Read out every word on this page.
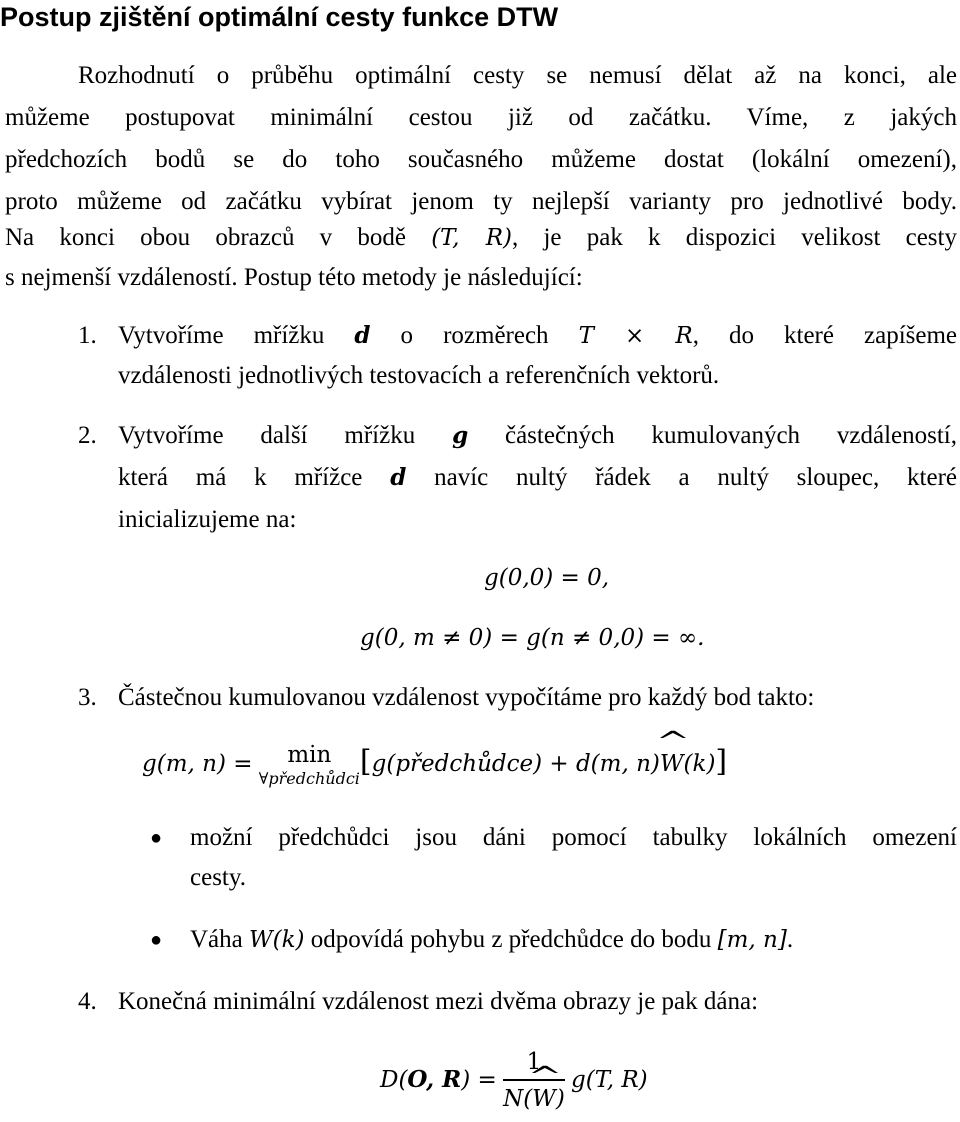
Postup zjištění optimální cesty funkce DTW
Rozhodnutí o průběhu optimální cesty se nemusí dělat až na konci, ale
můžeme postupovat minimální cestou již od začátku. Víme, z jakých
předchozích bodů se do toho současného můžeme dostat (lokální omezení),
proto můžeme od začátku vybírat jenom ty nejlepší varianty pro jednotlivé body.
Na konci obou obrazců v bodě (T, R), je pak k dispozici velikost cesty
s nejmenší vzdáleností. Postup této metody je následující:
1. Vytvoříme mřížku d o rozměrech T × R, do které zapíšeme
vzdálenosti jednotlivých testovacích a referenčních vektorů.
2. Vytvoříme další mřížku g částečných kumulovaných vzdáleností,
která má k mřížce d navíc nultý řádek a nultý sloupec, které
inicializujeme na:
g(0,0) = 0,
g(0, m ≠ 0) = g(n ≠ 0,0) = ∞.
3. Částečnou kumulovanou vzdálenost vypočítáme pro každý bod takto:
g(m, n) =	min
∀předchůdci [g(předchůdce) + d(m, n)^ W(k)]
● možní předchůdci jsou dáni pomocí tabulky lokálních omezení
cesty.
● Váha ^ W(k) odpovídá pohybu z předchůdce do bodu [m, n].
4. Konečná minimální vzdálenost mezi dvěma obrazy je pak dána:
D(O, $R) = \frac{1}{N(\^{} W)} g(T$, R)
